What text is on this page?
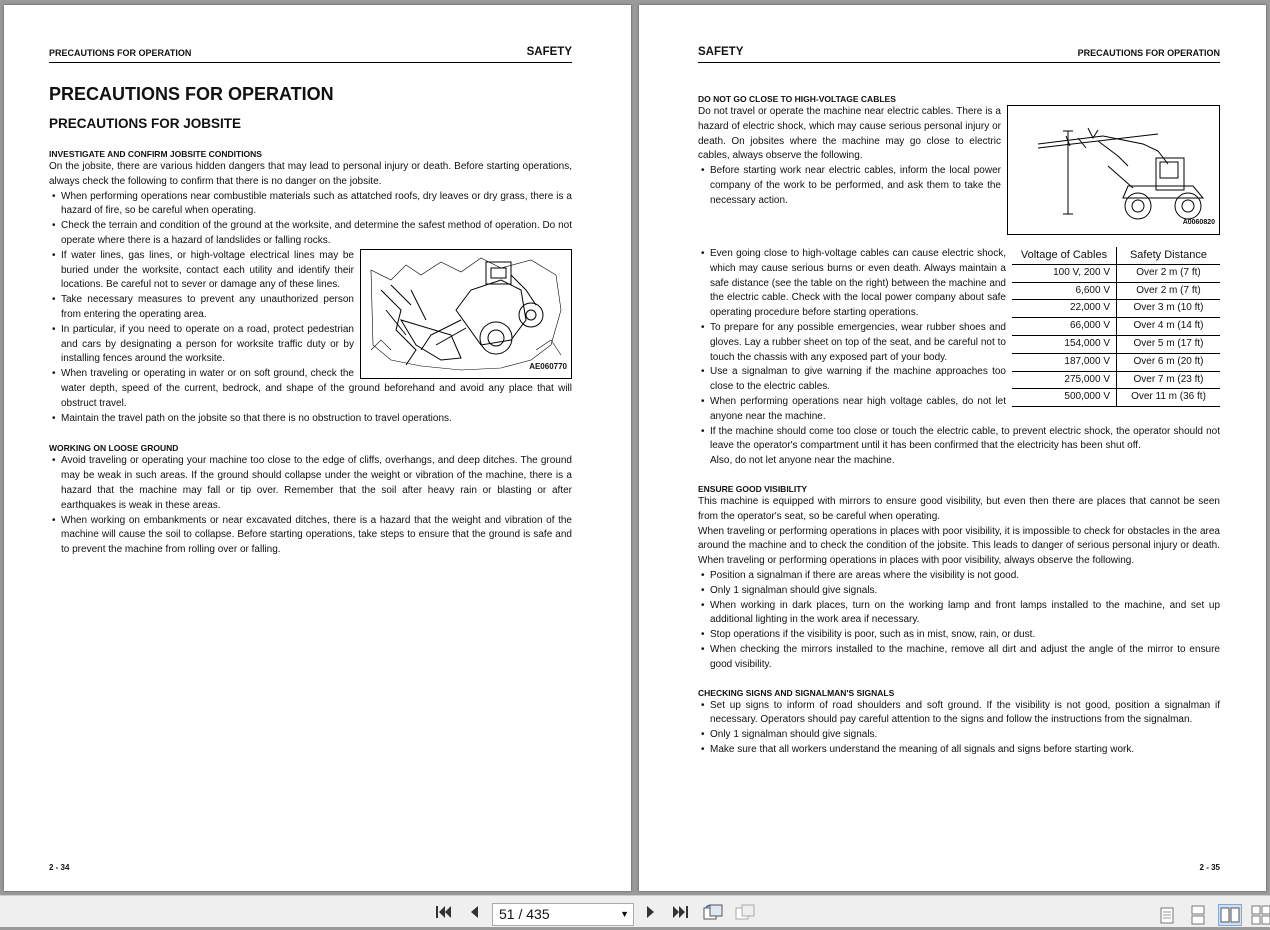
PRECAUTIONS FOR OPERATION	SAFETY
PRECAUTIONS FOR OPERATION
PRECAUTIONS FOR JOBSITE
INVESTIGATE AND CONFIRM JOBSITE CONDITIONS

On the jobsite, there are various hidden dangers that may lead to personal injury or death. Before starting operations, always check the following to confirm that there is no danger on the jobsite.

• When performing operations near combustible materials such as attatched roofs, dry leaves or dry grass, there is a hazard of fire, so be careful when operating.
• Check the terrain and condition of the ground at the worksite, and determine the safest method of operation. Do not operate where there is a hazard of landslides or falling rocks.
AE060770
• If water lines, gas lines, or high-voltage electrical lines may be buried under the worksite, contact each utility and identify their locations. Be careful not to sever or damage any of these lines.
• Take necessary measures to prevent any unauthorized person from entering the operating area.
• In particular, if you need to operate on a road, protect pedestrian and cars by designating a person for worksite traffic duty or by installing fences around the worksite.
• When traveling or operating in water or on soft ground, check the water depth, speed of the current, bedrock, and shape of the ground beforehand and avoid any place that will obstruct travel.
• Maintain the travel path on the jobsite so that there is no obstruction to travel operations.
WORKING ON LOOSE GROUND
• Avoid traveling or operating your machine too close to the edge of cliffs, overhangs, and deep ditches. The ground may be weak in such areas. If the ground should collapse under the weight or vibration of the machine, there is a hazard that the machine may fall or tip over. Remember that the soil after heavy rain or blasting or after earthquakes is weak in these areas.
• When working on embankments or near excavated ditches, there is a hazard that the weight and vibration of the machine will cause the soil to collapse. Before starting operations, take steps to ensure that the ground is safe and to prevent the machine from rolling over or falling.
2 - 34
SAFETY	PRECAUTIONS FOR OPERATION
DO NOT GO CLOSE TO HIGH-VOLTAGE CABLES
A0060820

Do not travel or operate the machine near electric cables. There is a hazard of electric shock, which may cause serious personal injury or death. On jobsites where the machine may go close to electric cables, always observe the following.

• Before starting work near electric cables, inform the local power company of the work to be performed, and ask them to take the necessary action.
Voltage of Cables	Safety Distance
100 V, 200 V	Over 2 m (7 ft)
6,600 V	Over 2 m (7 ft)
22,000 V	Over 3 m (10 ft)
66,000 V	Over 4 m (14 ft)
154,000 V	Over 5 m (17 ft)
187,000 V	Over 6 m (20 ft)
275,000 V	Over 7 m (23 ft)
500,000 V	Over 11 m (36 ft)
• Even going close to high-voltage cables can cause electric shock, which may cause serious burns or even death. Always maintain a safe distance (see the table on the right) between the machine and the electric cable. Check with the local power company about safe operating procedure before starting operations.
• To prepare for any possible emergencies, wear rubber shoes and gloves. Lay a rubber sheet on top of the seat, and be careful not to touch the chassis with any exposed part of your body.
• Use a signalman to give warning if the machine approaches too close to the electric cables.
• When performing operations near high voltage cables, do not let anyone near the machine.
• If the machine should come too close or touch the electric cable, to prevent electric shock, the operator should not leave the operator's compartment until it has been confirmed that the electricity has been shut off.

Also, do not let anyone near the machine.

ENSURE GOOD VISIBILITY

This machine is equipped with mirrors to ensure good visibility, but even then there are places that cannot be seen from the operator's seat, so be careful when operating.

When traveling or performing operations in places with poor visibility, it is impossible to check for obstacles in the area around the machine and to check the condition of the jobsite. This leads to danger of serious personal injury or death. When traveling or performing operations in places with poor visibility, always observe the following.

• Position a signalman if there are areas where the visibility is not good.
• Only 1 signalman should give signals.
• When working in dark places, turn on the working lamp and front lamps installed to the machine, and set up additional lighting in the work area if necessary.
• Stop operations if the visibility is poor, such as in mist, snow, rain, or dust.
• When checking the mirrors installed to the machine, remove all dirt and adjust the angle of the mirror to ensure good visibility.
CHECKING SIGNS AND SIGNALMAN'S SIGNALS
• Set up signs to inform of road shoulders and soft ground. If the visibility is not good, position a signalman if necessary. Operators should pay careful attention to the signs and follow the instructions from the signalman.
• Only 1 signalman should give signals.
• Make sure that all workers understand the meaning of all signals and signs before starting work.
2 - 35
51 / 435	▼
